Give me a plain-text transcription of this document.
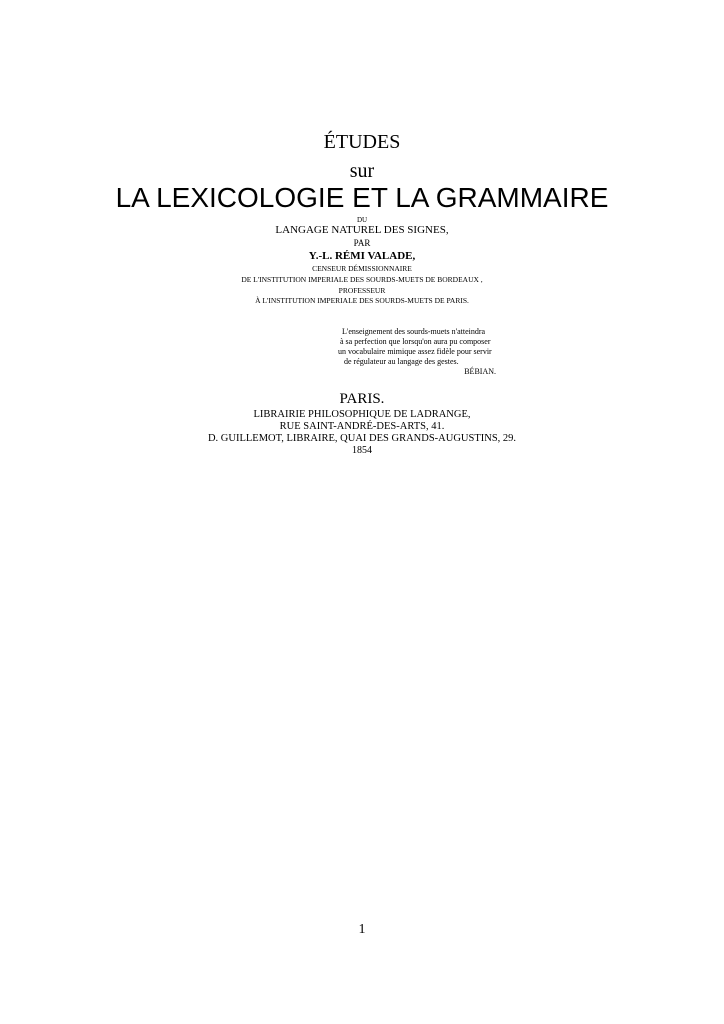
ÉTUDES
sur
LA LEXICOLOGIE ET LA GRAMMAIRE
DU
LANGAGE NATUREL DES SIGNES,
PAR
Y.-L. RÉMI VALADE,
CENSEUR DÉMISSIONNAIRE
DE L'INSTITUTION IMPERIALE DES SOURDS-MUETS DE BORDEAUX ,
PROFESSEUR
À L'INSTITUTION IMPERIALE DES SOURDS-MUETS DE PARIS.
L'enseignement des sourds-muets n'atteindra
à sa perfection que lorsqu'on aura pu composer
un vocabulaire mimique assez fidèle pour servir
de régulateur au langage des gestes.
BÉBIAN.
PARIS.
LIBRAIRIE PHILOSOPHIQUE DE LADRANGE,
RUE SAINT-ANDRÉ-DES-ARTS, 41.
D. GUILLEMOT, LIBRAIRE, QUAI DES GRANDS-AUGUSTINS, 29.
1854
1
